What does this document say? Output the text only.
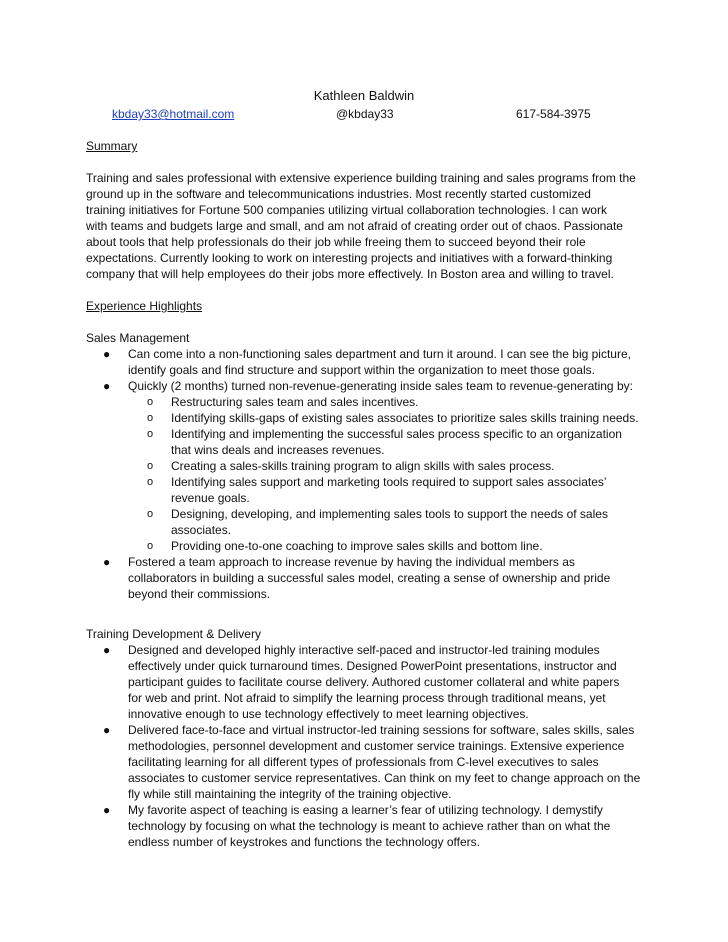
Kathleen Baldwin
kbday33@hotmail.com	@kbday33	617-584-3975
Summary

Training and sales professional with extensive experience building training and sales programs from the
ground up in the software and telecommunications industries. Most recently started customized
training initiatives for Fortune 500 companies utilizing virtual collaboration technologies. I can work
with teams and budgets large and small, and am not afraid of creating order out of chaos. Passionate
about tools that help professionals do their job while freeing them to succeed beyond their role
expectations. Currently looking to work on interesting projects and initiatives with a forward-thinking
company that will help employees do their jobs more effectively. In Boston area and willing to travel.

Experience Highlights
Sales Management
● Can come into a non-functioning sales department and turn it around. I can see the big picture,
identify goals and find structure and support within the organization to meet those goals.
● Quickly (2 months) turned non-revenue-generating inside sales team to revenue-generating by:
o Restructuring sales team and sales incentives.
o Identifying skills-gaps of existing sales associates to prioritize sales skills training needs.
o Identifying and implementing the successful sales process specific to an organization
that wins deals and increases revenues.
o Creating a sales-skills training program to align skills with sales process.
o Identifying sales support and marketing tools required to support sales associates’
revenue goals.
o Designing, developing, and implementing sales tools to support the needs of sales
associates.
o Providing one-to-one coaching to improve sales skills and bottom line.
● Fostered a team approach to increase revenue by having the individual members as
collaborators in building a successful sales model, creating a sense of ownership and pride
beyond their commissions.
Training Development & Delivery
● Designed and developed highly interactive self-paced and instructor-led training modules
effectively under quick turnaround times. Designed PowerPoint presentations, instructor and
participant guides to facilitate course delivery. Authored customer collateral and white papers
for web and print. Not afraid to simplify the learning process through traditional means, yet
innovative enough to use technology effectively to meet learning objectives.
● Delivered face-to-face and virtual instructor-led training sessions for software, sales skills, sales
methodologies, personnel development and customer service trainings. Extensive experience
facilitating learning for all different types of professionals from C-level executives to sales
associates to customer service representatives. Can think on my feet to change approach on the
fly while still maintaining the integrity of the training objective.
● My favorite aspect of teaching is easing a learner’s fear of utilizing technology. I demystify
technology by focusing on what the technology is meant to achieve rather than on what the
endless number of keystrokes and functions the technology offers.
